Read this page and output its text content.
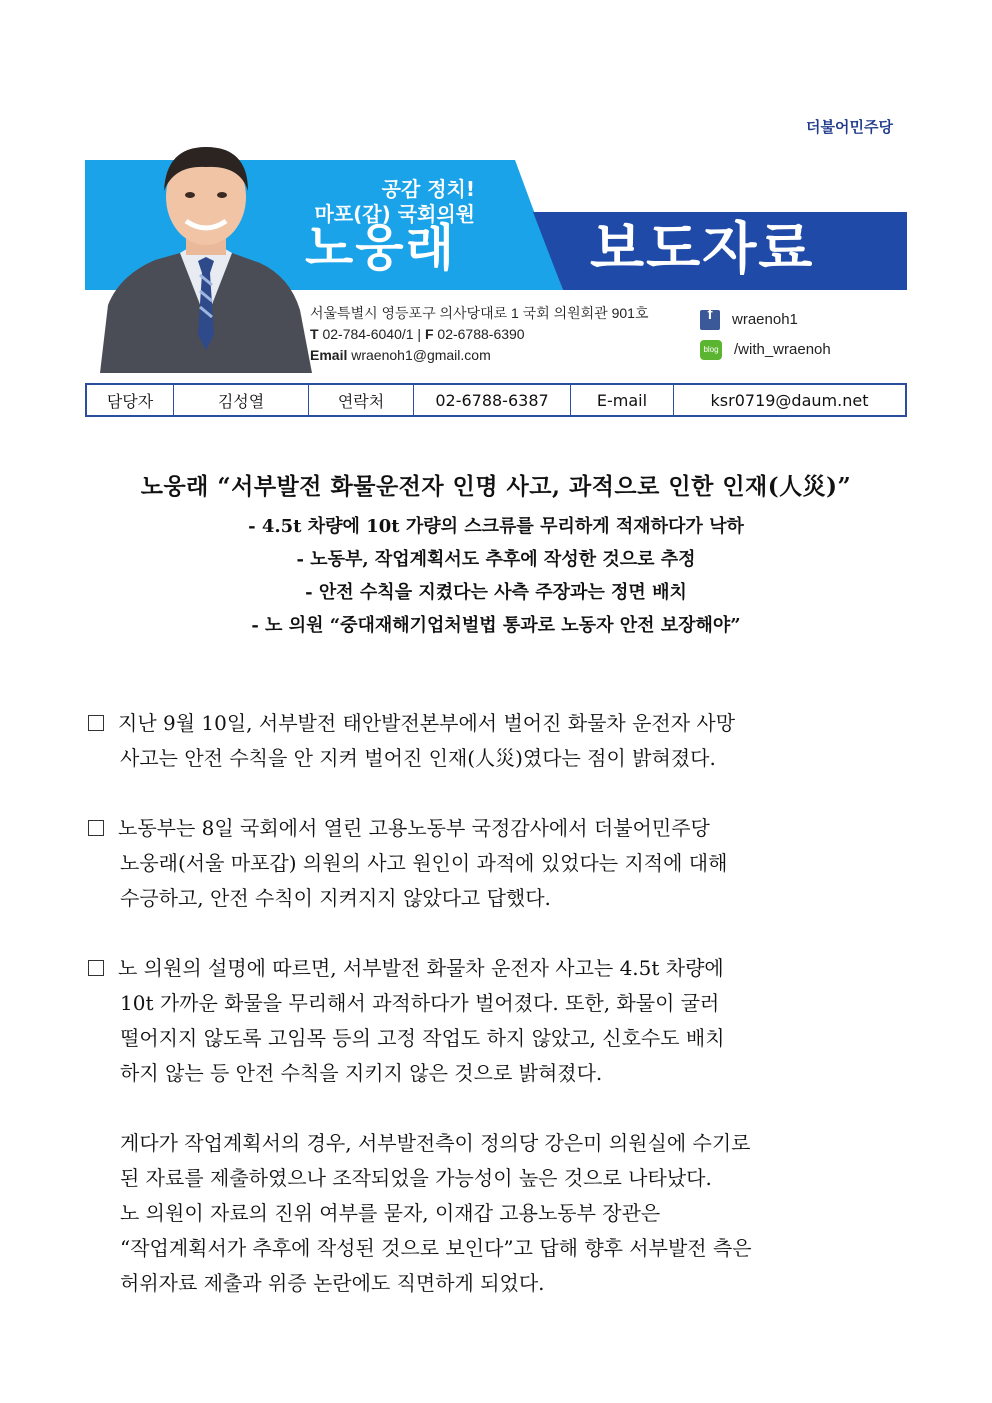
더불어민주당
공감 정치!
마포(갑) 국회의원
노웅래 보도자료
서울특별시 영등포구 의사당대로 1 국회 의원회관 901호
T 02-784-6040/1 | F 02-6788-6390
Email wraenoh1@gmail.com
f	wraenoh1
blog /with_wraenoh
담당자	김성열	연락처	02-6788-6387	E-mail	ksr0719@daum.net
노웅래 “서부발전 화물운전자 인명 사고, 과적으로 인한 인재(人災)”
- 4.5t 차량에 10t 가량의 스크류를 무리하게 적재하다가 낙하
- 노동부, 작업계획서도 추후에 작성한 것으로 추정
- 안전 수칙을 지켰다는 사측 주장과는 정면 배치
- 노 의원 “중대재해기업처벌법 통과로 노동자 안전 보장해야”
지난 9월 10일, 서부발전 태안발전본부에서 벌어진 화물차 운전자 사망
사고는 안전 수칙을 안 지켜 벌어진 인재(人災)였다는 점이 밝혀졌다.
노동부는 8일 국회에서 열린 고용노동부 국정감사에서 더불어민주당
노웅래(서울 마포갑) 의원의 사고 원인이 과적에 있었다는 지적에 대해
수긍하고, 안전 수칙이 지켜지지 않았다고 답했다.
노 의원의 설명에 따르면, 서부발전 화물차 운전자 사고는 4.5t 차량에
10t 가까운 화물을 무리해서 과적하다가 벌어졌다. 또한, 화물이 굴러
떨어지지 않도록 고임목 등의 고정 작업도 하지 않았고, 신호수도 배치
하지 않는 등 안전 수칙을 지키지 않은 것으로 밝혀졌다.
게다가 작업계획서의 경우, 서부발전측이 정의당 강은미 의원실에 수기로
된 자료를 제출하였으나 조작되었을 가능성이 높은 것으로 나타났다.
노 의원이 자료의 진위 여부를 묻자, 이재갑 고용노동부 장관은
“작업계획서가 추후에 작성된 것으로 보인다”고 답해 향후 서부발전 측은
허위자료 제출과 위증 논란에도 직면하게 되었다.
